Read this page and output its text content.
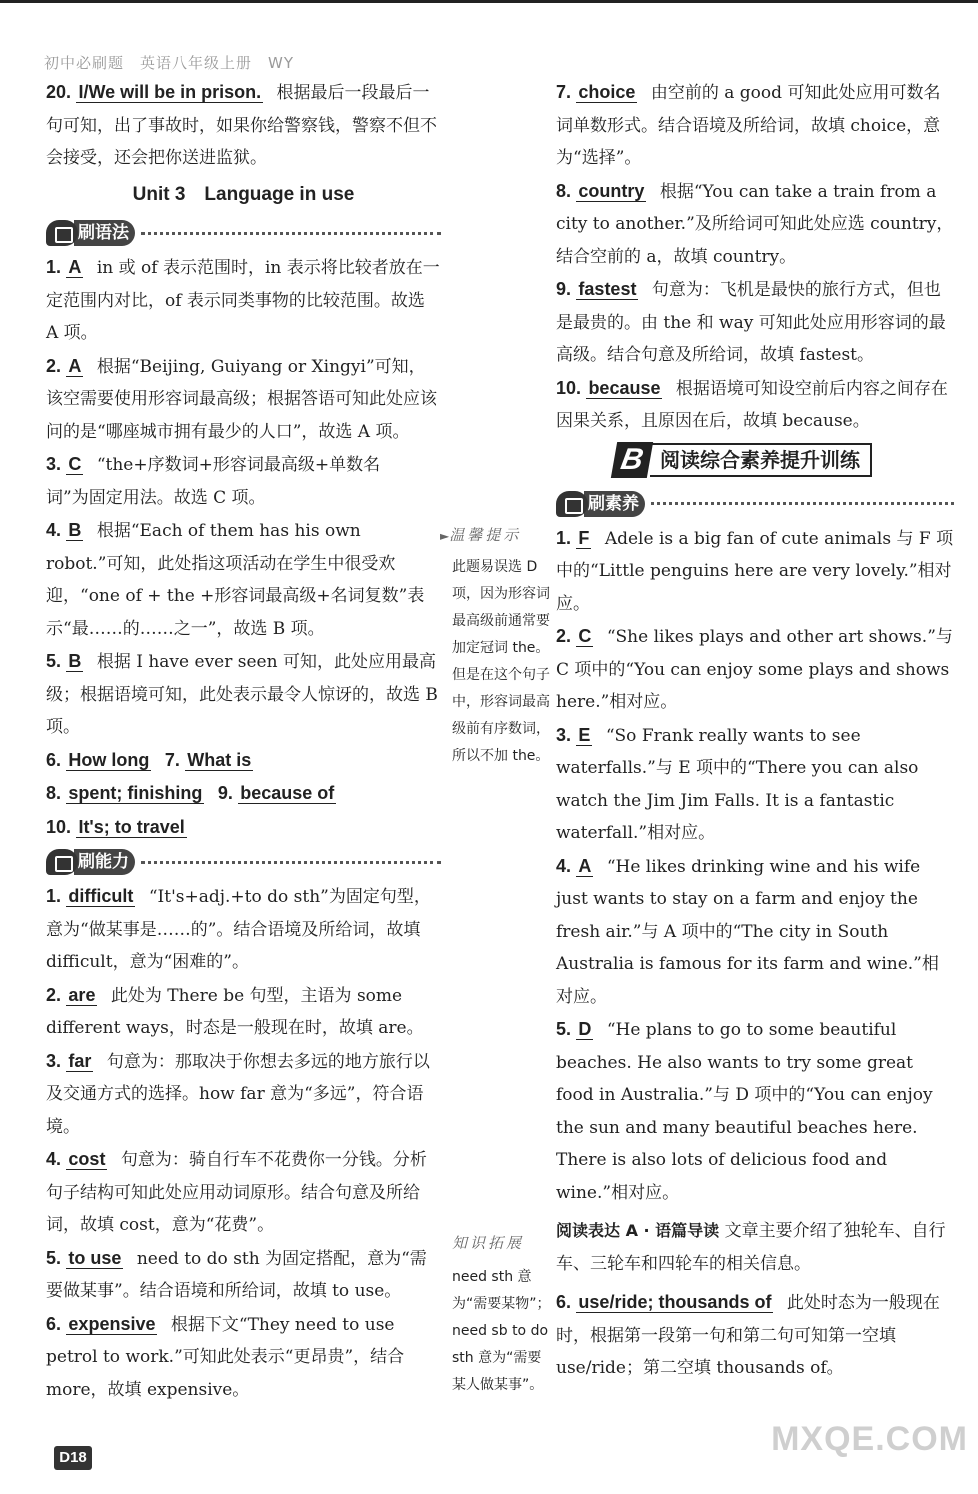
初中必刷题　英语八年级上册　WY

20. I/We will be in prison. 根据最后一段最后一句可知，出了事故时，如果你给警察钱，警察不但不会接受，还会把你送进监狱。

Unit 3　Language in use
刷语法

1. A in 或 of 表示范围时，in 表示将比较者放在一定范围内对比，of 表示同类事物的比较范围。故选 A 项。

2. A 根据“Beijing, Guiyang or Xingyi”可知，该空需要使用形容词最高级；根据答语可知此处应该问的是“哪座城市拥有最少的人口”，故选 A 项。

3. C “the+序数词+形容词最高级+单数名词”为固定用法。故选 C 项。

4. B 根据“Each of them has his own robot.”可知，此处指这项活动在学生中很受欢迎，“one of + the +形容词最高级+名词复数”表示“最……的……之一”，故选 B 项。

5. B 根据 I have ever seen 可知，此处应用最高级；根据语境可知，此处表示最令人惊讶的，故选 B 项。

6. How long 7. What is

8. spent; finishing 9. because of

10. It's; to travel

刷能力

1. difficult “It's+adj.+to do sth”为固定句型，意为“做某事是……的”。结合语境及所给词，故填 difficult，意为“困难的”。

2. are 此处为 There be 句型，主语为 some different ways，时态是一般现在时，故填 are。

3. far 句意为：那取决于你想去多远的地方旅行以及交通方式的选择。how far 意为“多远”，符合语境。

4. cost 句意为：骑自行车不花费你一分钱。分析句子结构可知此处应用动词原形。结合句意及所给词，故填 cost，意为“花费”。

5. to use need to do sth 为固定搭配，意为“需要做某事”。结合语境和所给词，故填 to use。

6. expensive 根据下文“They need to use petrol to work.”可知此处表示“更昂贵”，结合 more，故填 expensive。

►温馨提示
此题易误选 D 项，因为形容词最高级前通常要加定冠词 the。但是在这个句子中，形容词最高级前有序数词，所以不加 the。
知识拓展
need sth 意为“需要某物”；need sb to do sth 意为“需要某人做某事”。

7. choice 由空前的 a good 可知此处应用可数名词单数形式。结合语境及所给词，故填 choice，意为“选择”。

8. country 根据“You can take a train from a city to another.”及所给词可知此处应选 country，结合空前的 a，故填 country。

9. fastest 句意为：飞机是最快的旅行方式，但也是最贵的。由 the 和 way 可知此处应用形容词的最高级。结合句意及所给词，故填 fastest。

10. because 根据语境可知设空前后内容之间存在因果关系，且原因在后，故填 because。

B 阅读综合素养提升训练
刷素养

1. F Adele is a big fan of cute animals 与 F 项中的“Little penguins here are very lovely.”相对应。

2. C “She likes plays and other art shows.”与 C 项中的“You can enjoy some plays and shows here.”相对应。

3. E “So Frank really wants to see waterfalls.”与 E 项中的“There you can also watch the Jim Jim Falls. It is a fantastic waterfall.”相对应。

4. A “He likes drinking wine and his wife just wants to stay on a farm and enjoy the fresh air.”与 A 项中的“The city in South Australia is famous for its farm and wine.”相对应。

5. D “He plans to go to some beautiful beaches. He also wants to try some great food in Australia.”与 D 项中的“You can enjoy the sun and many beautiful beaches here. There is also lots of delicious food and wine.”相对应。

阅读表达 A · 语篇导读 文章主要介绍了独轮车、自行车、三轮车和四轮车的相关信息。

6. use/ride; thousands of 此处时态为一般现在时，根据第一段第一句和第二句可知第一空填 use/ride；第二空填 thousands of。

D18	MXQE.COM
